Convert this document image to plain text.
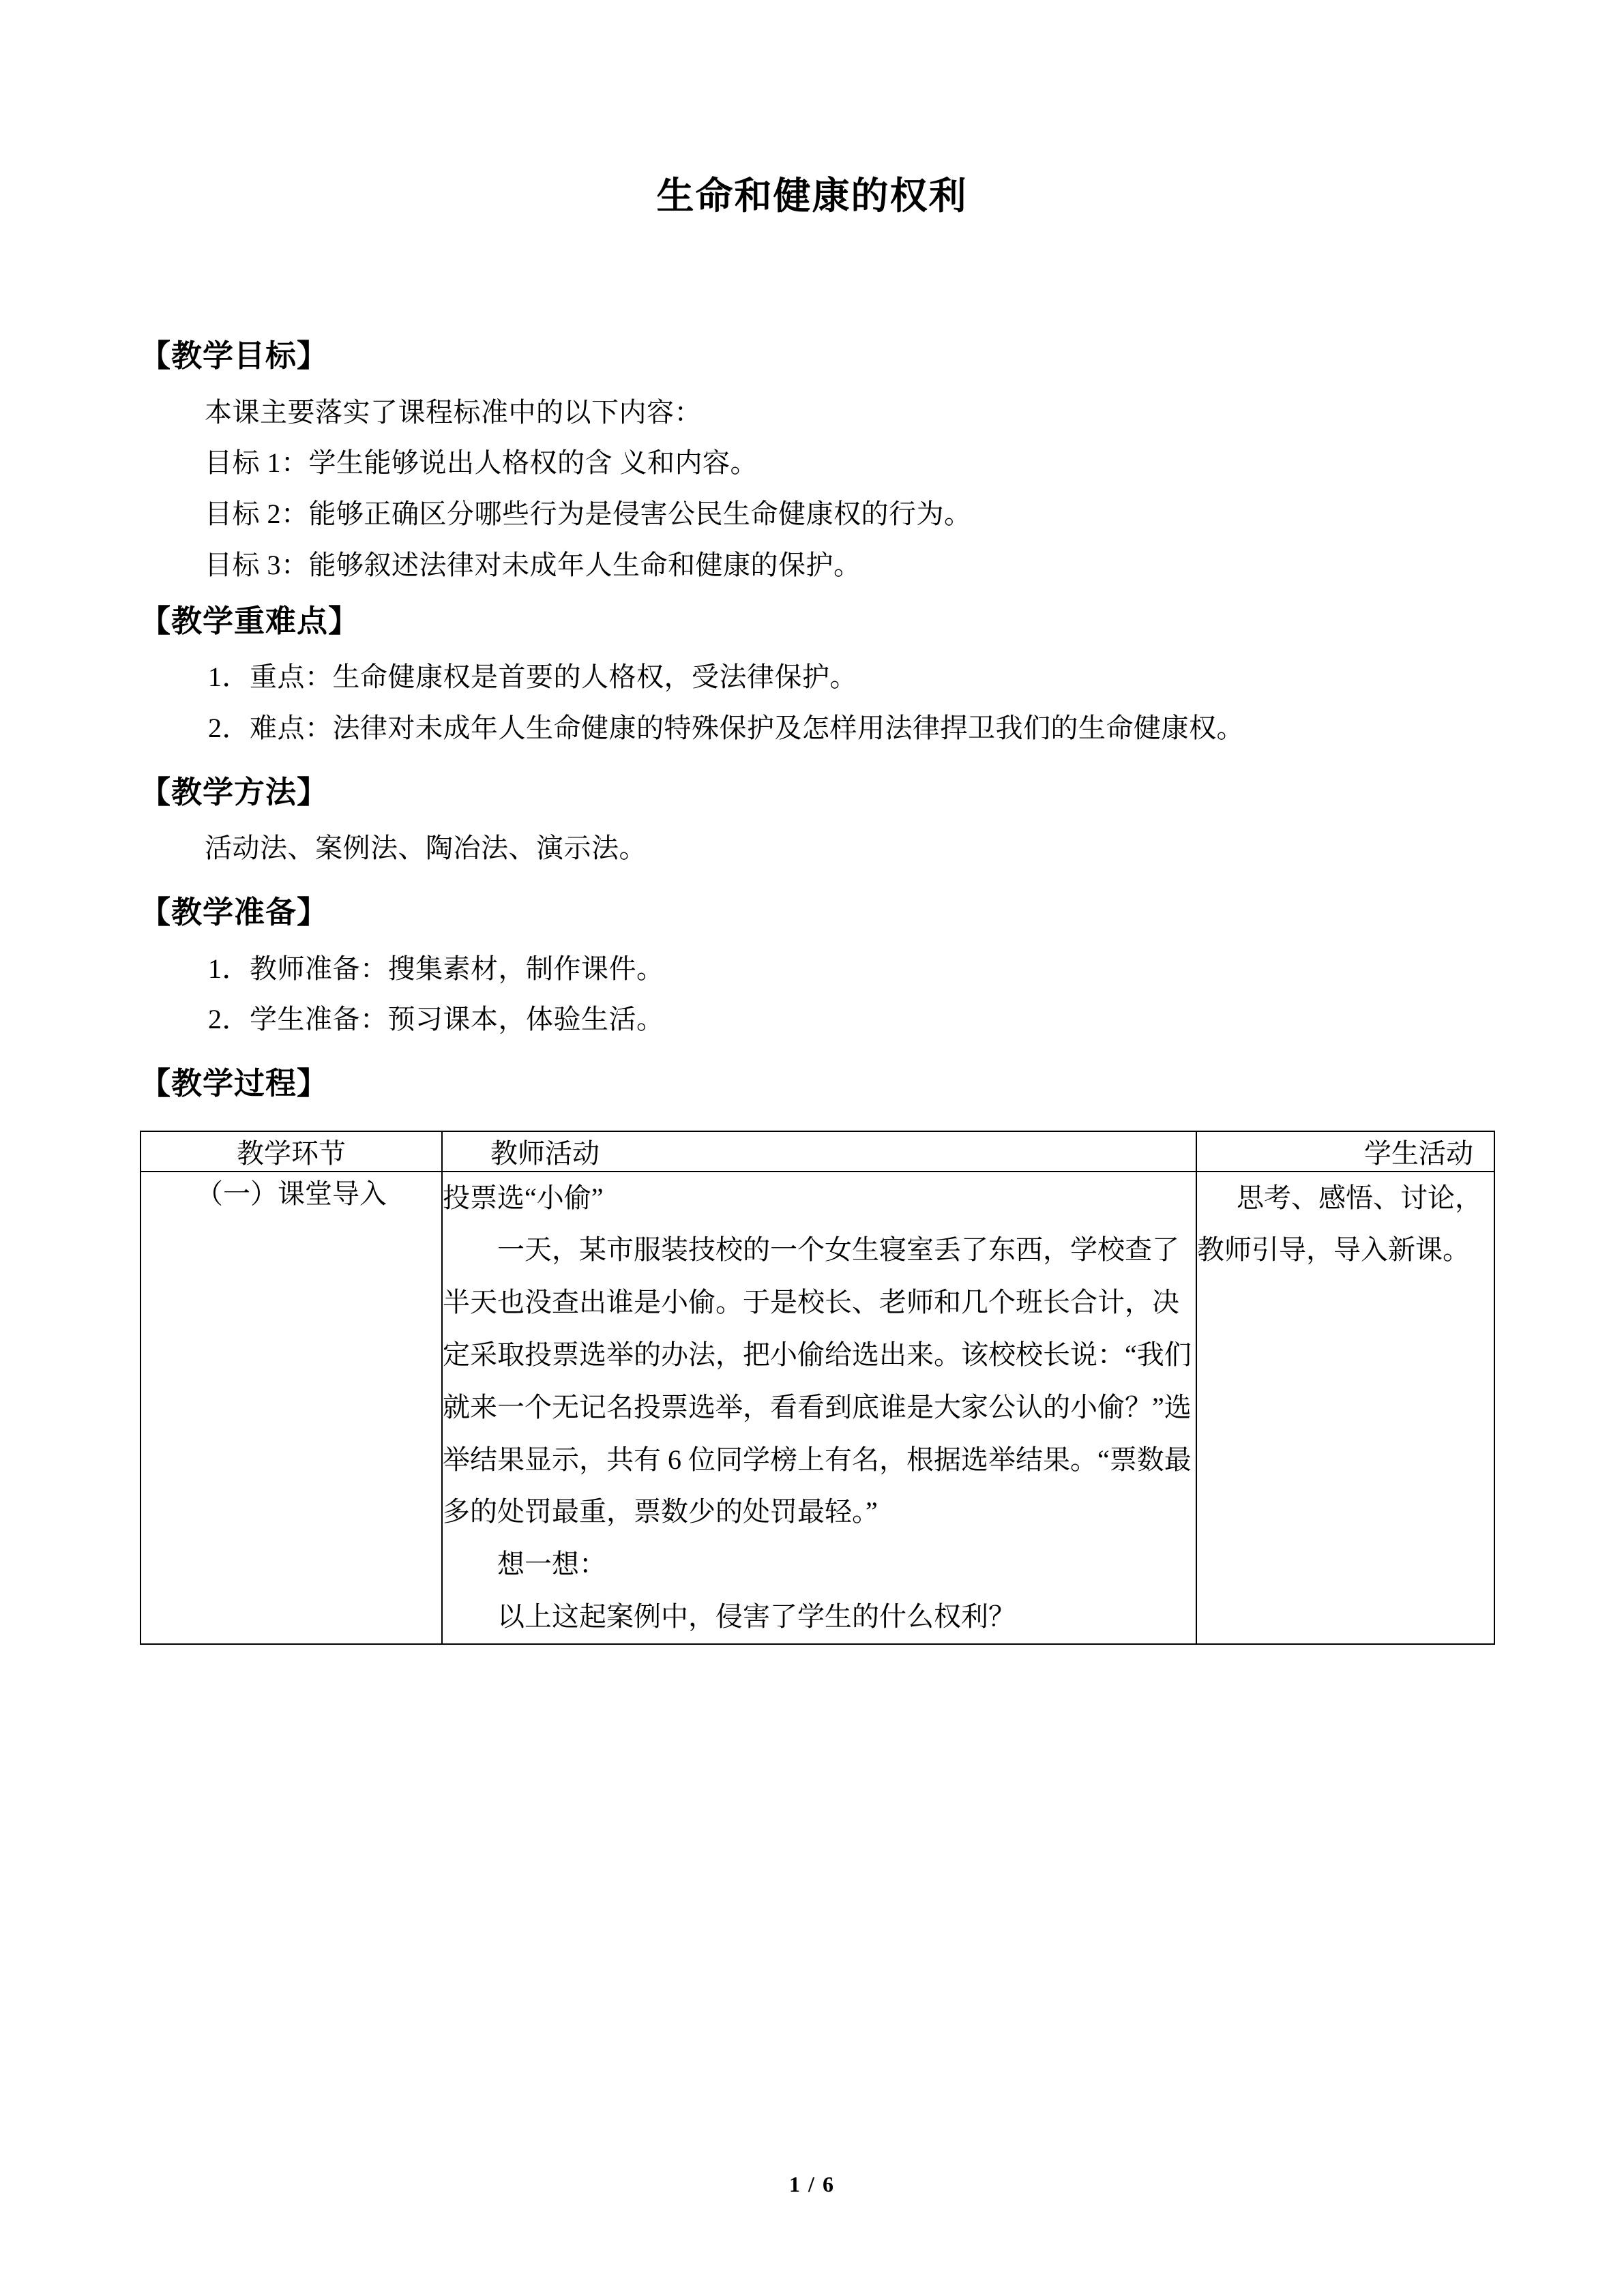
生命和健康的权利
【教学目标】
本课主要落实了课程标准中的以下内容：
目标 1：学生能够说出人格权的含 义和内容。
目标 2：能够正确区分哪些行为是侵害公民生命健康权的行为。
目标 3：能够叙述法律对未成年人生命和健康的保护。
【教学重难点】
1．重点：生命健康权是首要的人格权，受法律保护。
2．难点：法律对未成年人生命健康的特殊保护及怎样用法律捍卫我们的生命健康权。
【教学方法】
活动法、案例法、陶冶法、演示法。
【教学准备】
1．教师准备：搜集素材，制作课件。
2．学生准备：预习课本，体验生活。
【教学过程】
教学环节	教师活动	学生活动
（一）课堂导入	投票选“小偷”

一天，某市服装技校的一个女生寝室丢了东西，学校查了半天也没查出谁是小偷。于是校长、老师和几个班长合计，决定采取投票选举的办法，把小偷给选出来。该校校长说：“我们就来一个无记名投票选举，看看到底谁是大家公认的小偷？”选举结果显示，共有 6 位同学榜上有名，根据选举结果。“票数最多的处罚最重，票数少的处罚最轻。”

想一想：

以上这起案例中，侵害了学生的什么权利？	思考、感悟、讨论，教师引导，导入新课。

1 / 6
